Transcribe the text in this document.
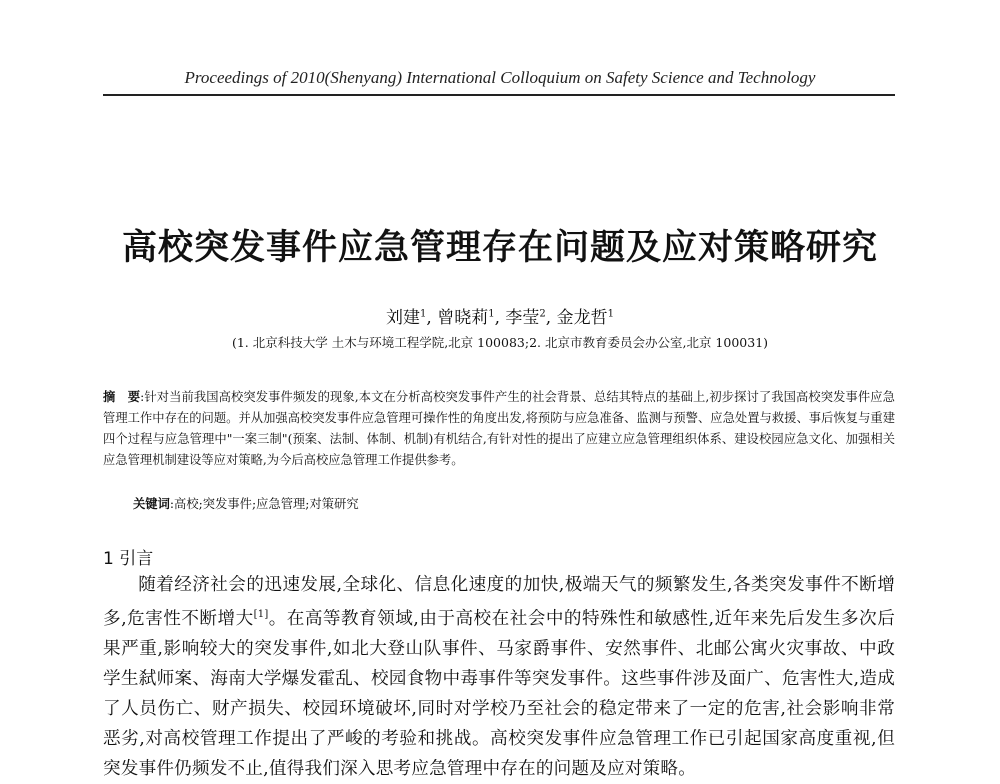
Proceedings of 2010(Shenyang) International Colloquium on Safety Science and Technology
高校突发事件应急管理存在问题及应对策略研究
刘建$^1$, 曾晓莉$^1$, 李莹$^2$, 金龙哲$^1$
(1. 北京科技大学 土木与环境工程学院,北京 100083;2. 北京市教育委员会办公室,北京 100031)
摘　要:针对当前我国高校突发事件频发的现象,本文在分析高校突发事件产生的社会背景、总结其特点的基础上,初步探讨了我国高校突发事件应急管理工作中存在的问题。并从加强高校突发事件应急管理可操作性的角度出发,将预防与应急准备、监测与预警、应急处置与救援、事后恢复与重建四个过程与应急管理中"一案三制"(预案、法制、体制、机制)有机结合,有针对性的提出了应建立应急管理组织体系、建设校园应急文化、加强相关应急管理机制建设等应对策略,为今后高校应急管理工作提供参考。
关键词:高校;突发事件;应急管理;对策研究
1 引言
随着经济社会的迅速发展,全球化、信息化速度的加快,极端天气的频繁发生,各类突发事件不断增多,危害性不断增大[1]。在高等教育领域,由于高校在社会中的特殊性和敏感性,近年来先后发生多次后果严重,影响较大的突发事件,如北大登山队事件、马家爵事件、安然事件、北邮公寓火灾事故、中政学生弑师案、海南大学爆发霍乱、校园食物中毒事件等突发事件。这些事件涉及面广、危害性大,造成了人员伤亡、财产损失、校园环境破坏,同时对学校乃至社会的稳定带来了一定的危害,社会影响非常恶劣,对高校管理工作提出了严峻的考验和挑战。高校突发事件应急管理工作已引起国家高度重视,但突发事件仍频发不止,值得我们深入思考应急管理中存在的问题及应对策略。
